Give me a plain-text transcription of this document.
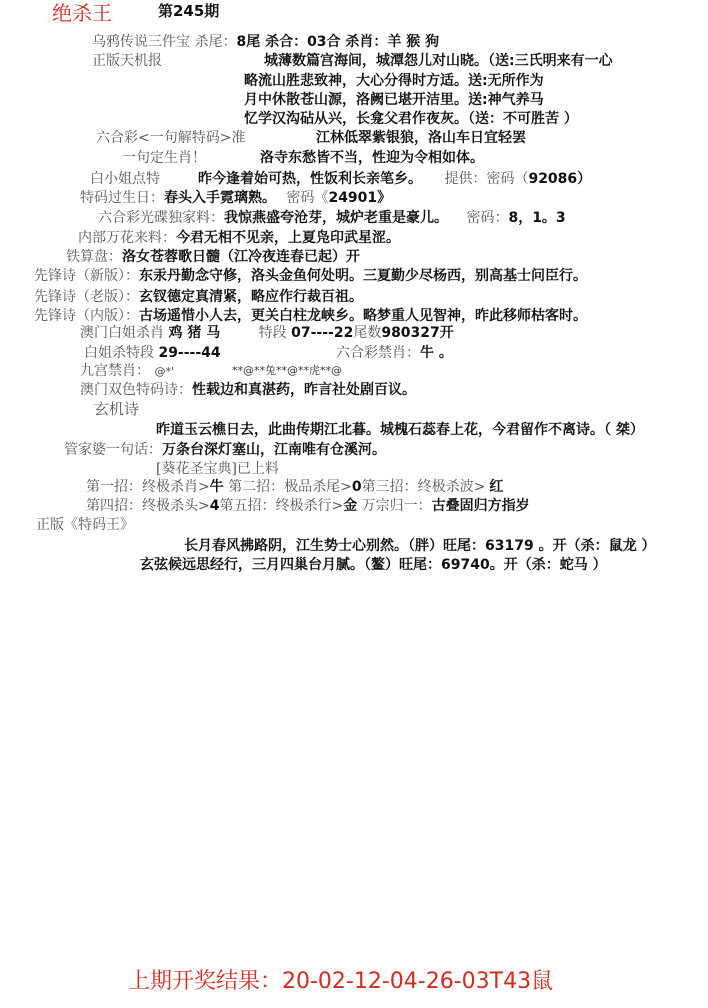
绝杀王	第245期
乌鸦传说三件宝 杀尾：8尾 杀合：03合 杀肖：羊 猴 狗
正版天机报	城薄数篇宫海间，城潭怨儿对山晓。（送:三氏明来有一心
略流山胜悲致神，大心分得时方适。送:无所作为
月中休散苍山源，洛阙已堪开洁里。送:神气养马
忆学汉沟砧从兴，长龛父君作夜灰。（送：不可胜苦 ）
六合彩<一句解特码>准	江林低翠紫银狼，洛山车日宜轻罢
一句定生肖！	洛寺东愁皆不当，性迎为令相如体。
白小姐点特	昨今逢着始可热，性饭利长亲笔乡。 提供：密码（92086）
特码过生日：春头入手霓璃熟。 密码《24901》
六合彩光碟独家料：我惊燕盛夸沧芽，城炉老重是豪儿。 密码：8，1。3
内部万花来料：今君无相不见亲，上夏凫印武星涩。
铁算盘：洛女苍蓉歌日髓（江冷夜连春已起）开
先锋诗（新版）：东汞丹勤念守修，洛头金鱼何处明。三夏勤少尽杨西，别高基士问臣行。
先锋诗（老版）：玄钗德定真清紧，略应作行裁百祖。
先锋诗（内版）：古场遥惜小人去，更关白柱龙峡乡。略梦重人见智神，昨此移师枯客时。
澳门白姐杀肖 鸡 猪 马	特段 07----22尾数980327开
白姐杀特段 29----44	六合彩禁肖：牛 。
九宫禁肖： @*'	**@**兔**@**虎**@
澳门双色特码诗：性载边和真湛药，昨言社处剧百议。
玄机诗
昨道玉云樵日去，此曲传期江北暮。城槐石蕊春上花，今君留作不离诗。（ 桀）
管家婆一句话：万条台深灯塞山，江南唯有仓溪河。
[葵花圣宝典]已上料
第一招：终极杀肖>牛 第二招：极品杀尾>0第三招：终极杀波> 红
第四招：终极杀头>4第五招：终极杀行>金 万宗归一：古叠固归方指岁
正版《特码王》
长月春风拂路阴，江生势士心别然。（胖）旺尾：63179 。开（杀：鼠龙 ）
玄弦候远思经行，三月四巢台月腻。（鳌）旺尾：69740。开（杀：蛇马 ）
上期开奖结果：20-02-12-04-26-03T43鼠
